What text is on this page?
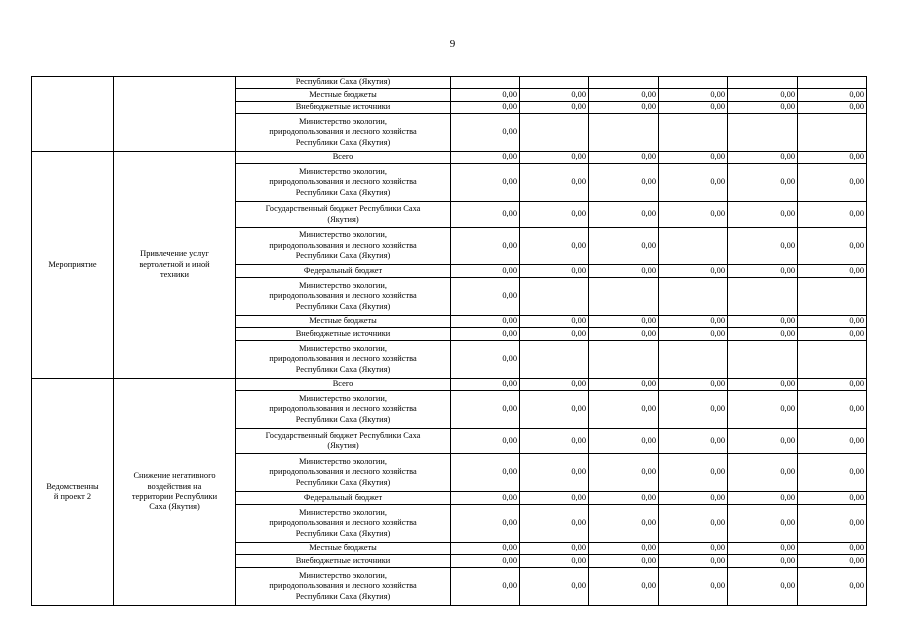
9
		Республики Саха (Якутия)						
		Местные бюджеты	0,00	0,00	0,00	0,00	0,00	0,00
		Внебюджетные источники	0,00	0,00	0,00	0,00	0,00	0,00
		Министерство экологии,
природопользования и лесного хозяйства
Республики Саха (Якутия)	0,00					
Мероприятие	Привлечение услуг
вертолетной и иной
техники	Всего	0,00	0,00	0,00	0,00	0,00	0,00
		Министерство экологии,
природопользования и лесного хозяйства
Республики Саха (Якутия)	0,00	0,00	0,00	0,00	0,00	0,00
		Государственный бюджет Республики Саха
(Якутия)	0,00	0,00	0,00	0,00	0,00	0,00
		Министерство экологии,
природопользования и лесного хозяйства
Республики Саха (Якутия)	0,00	0,00	0,00		0,00	0,00
		Федеральный бюджет	0,00	0,00	0,00	0,00	0,00	0,00
		Министерство экологии,
природопользования и лесного хозяйства
Республики Саха (Якутия)	0,00					
		Местные бюджеты	0,00	0,00	0,00	0,00	0,00	0,00
		Внебюджетные источники	0,00	0,00	0,00	0,00	0,00	0,00
		Министерство экологии,
природопользования и лесного хозяйства
Республики Саха (Якутия)	0,00					
Ведомственны
й проект 2	Снижение негативного
воздействия на
территории Республики
Саха (Якутия)	Всего	0,00	0,00	0,00	0,00	0,00	0,00
		Министерство экологии,
природопользования и лесного хозяйства
Республики Саха (Якутия)	0,00	0,00	0,00	0,00	0,00	0,00
		Государственный бюджет Республики Саха
(Якутия)	0,00	0,00	0,00	0,00	0,00	0,00
		Министерство экологии,
природопользования и лесного хозяйства
Республики Саха (Якутия)	0,00	0,00	0,00	0,00	0,00	0,00
		Федеральный бюджет	0,00	0,00	0,00	0,00	0,00	0,00
		Министерство экологии,
природопользования и лесного хозяйства
Республики Саха (Якутия)	0,00	0,00	0,00	0,00	0,00	0,00
		Местные бюджеты	0,00	0,00	0,00	0,00	0,00	0,00
		Внебюджетные источники	0,00	0,00	0,00	0,00	0,00	0,00
		Министерство экологии,
природопользования и лесного хозяйства
Республики Саха (Якутия)	0,00	0,00	0,00	0,00	0,00	0,00
